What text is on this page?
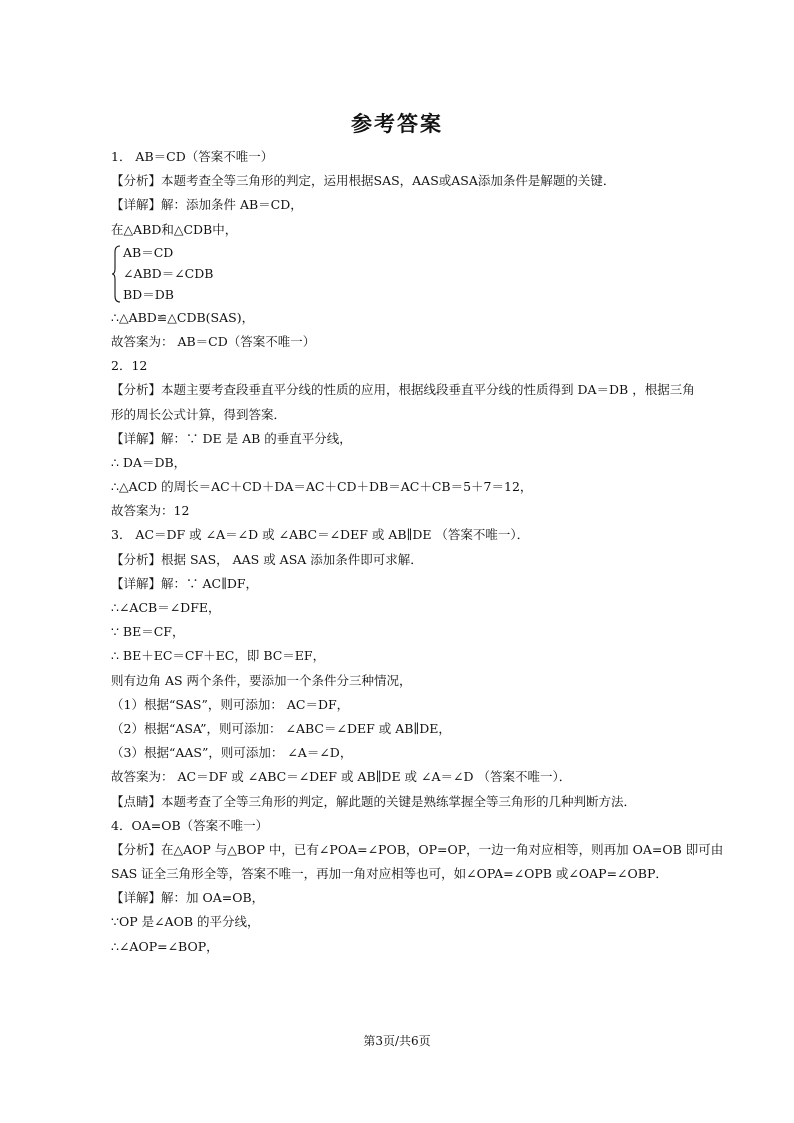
参考答案
1． AB＝CD（答案不唯一）
【分析】本题考查全等三角形的判定，运用根据SAS，AAS或ASA添加条件是解题的关键．
【详解】解：添加条件 AB＝CD，
在△ABD和△CDB中，
AB＝CD
∠ABD＝∠CDB
BD＝DB
∴△ABD≌△CDB(SAS)，
故答案为： AB＝CD（答案不唯一）
2．12
【分析】本题主要考查段垂直平分线的性质的应用，根据线段垂直平分线的性质得到 DA＝DB ，根据三角
形的周长公式计算，得到答案．
【详解】解：∵ DE 是 AB 的垂直平分线，
∴ DA＝DB，
∴△ACD 的周长＝AC＋CD＋DA＝AC＋CD＋DB＝AC＋CB＝5＋7＝12，
故答案为：12
3． AC＝DF 或 ∠A＝∠D 或 ∠ABC＝∠DEF 或 AB∥DE （答案不唯一）．
【分析】根据 SAS， AAS 或 ASA 添加条件即可求解．
【详解】解：∵ AC∥DF，
∴∠ACB＝∠DFE，
∵ BE＝CF，
∴ BE＋EC＝CF＋EC，即 BC＝EF，
则有边角 AS 两个条件，要添加一个条件分三种情况，
（1）根据“SAS”，则可添加： AC＝DF，
（2）根据“ASA”，则可添加： ∠ABC＝∠DEF 或 AB∥DE，
（3）根据“AAS”，则可添加： ∠A＝∠D，
故答案为： AC＝DF 或 ∠ABC＝∠DEF 或 AB∥DE 或 ∠A＝∠D （答案不唯一）．
【点睛】本题考查了全等三角形的判定，解此题的关键是熟练掌握全等三角形的几种判断方法．
4．OA=OB（答案不唯一）
【分析】在△AOP 与△BOP 中，已有∠POA=∠POB，OP=OP，一边一角对应相等，则再加 OA=OB 即可由
SAS 证全三角形全等，答案不唯一，再加一角对应相等也可，如∠OPA=∠OPB 或∠OAP=∠OBP．
【详解】解：加 OA=OB，
∵OP 是∠AOB 的平分线，
∴∠AOP=∠BOP，
第3页/共6页
